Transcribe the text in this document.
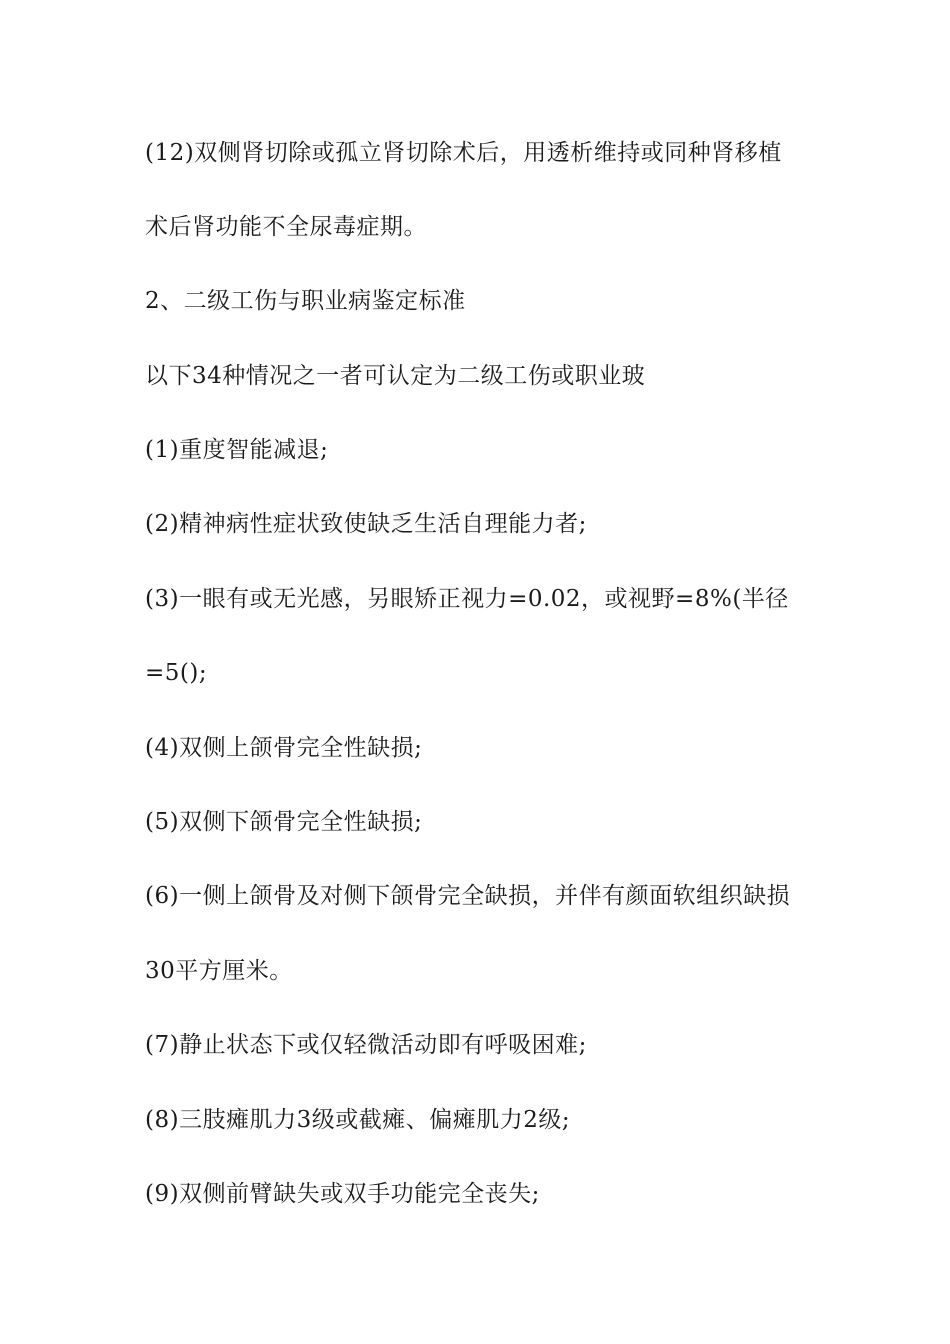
(12)双侧肾切除或孤立肾切除术后，用透析维持或同种肾移植
术后肾功能不全尿毒症期。
2、二级工伤与职业病鉴定标准
以下34种情况之一者可认定为二级工伤或职业玻
(1)重度智能减退;
(2)精神病性症状致使缺乏生活自理能力者;
(3)一眼有或无光感，另眼矫正视力=0.02，或视野=8%(半径
=5();
(4)双侧上颌骨完全性缺损;
(5)双侧下颌骨完全性缺损;
(6)一侧上颌骨及对侧下颌骨完全缺损，并伴有颜面软组织缺损
30平方厘米。
(7)静止状态下或仅轻微活动即有呼吸困难;
(8)三肢瘫肌力3级或截瘫、偏瘫肌力2级;
(9)双侧前臂缺失或双手功能完全丧失;
